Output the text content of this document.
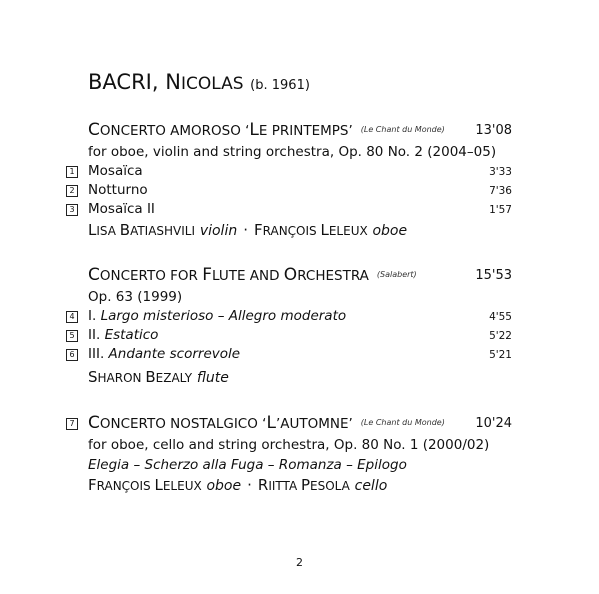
BACRI, NICOLAS (b. 1961)
CONCERTO AMOROSO ‘LE PRINTEMPS’ (Le Chant du Monde) 13'08
for oboe, violin and string orchestra, Op. 80 No. 2 (2004–05)
1 Mosaïca	3'33
2 Notturno	7'36
3 Mosaïca II	1'57
LISA BATIASHVILI violin · FRANÇOIS LELEUX oboe
CONCERTO FOR FLUTE AND ORCHESTRA (Salabert)	15'53
Op. 63 (1999)
4 I. Largo misterioso – Allegro moderato	4'55
5 II. Estatico	5'22
6 III. Andante scorrevole	5'21
SHARON BEZALY flute
7 CONCERTO NOSTALGICO ‘L’AUTOMNE’ (Le Chant du Monde) 10'24
for oboe, cello and string orchestra, Op. 80 No. 1 (2000/02)
Elegia – Scherzo alla Fuga – Romanza – Epilogo
FRANÇOIS LELEUX oboe · RIITTA PESOLA cello
2
